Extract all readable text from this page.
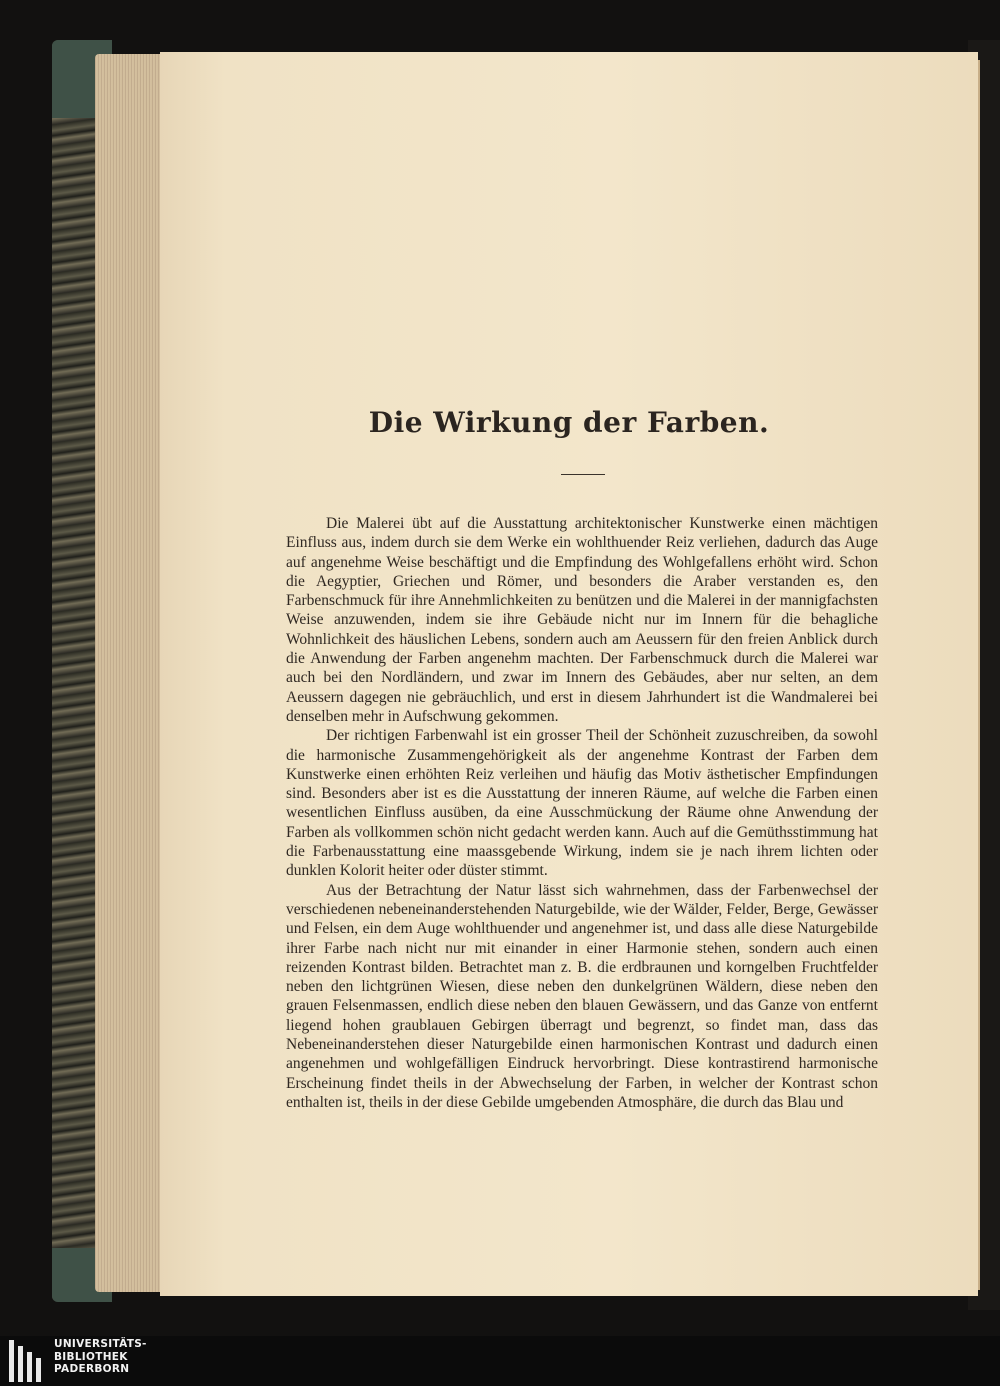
Die Wirkung der Farben.

Die Malerei übt auf die Ausstattung architektonischer Kunstwerke einen mächtigen Einfluss aus, indem durch sie dem Werke ein wohlthuender Reiz verliehen, dadurch das Auge auf angenehme Weise beschäftigt und die Empfindung des Wohlgefallens erhöht wird. Schon die Aegyptier, Griechen und Römer, und besonders die Araber verstanden es, den Farbenschmuck für ihre Annehmlichkeiten zu benützen und die Malerei in der mannigfachsten Weise anzuwenden, indem sie ihre Gebäude nicht nur im Innern für die behagliche Wohnlichkeit des häuslichen Lebens, sondern auch am Aeussern für den freien Anblick durch die Anwendung der Farben angenehm machten. Der Farbenschmuck durch die Malerei war auch bei den Nordländern, und zwar im Innern des Gebäudes, aber nur selten, an dem Aeussern dagegen nie gebräuchlich, und erst in diesem Jahrhundert ist die Wandmalerei bei denselben mehr in Aufschwung gekommen.

Der richtigen Farbenwahl ist ein grosser Theil der Schönheit zuzuschreiben, da sowohl die harmonische Zusammengehörigkeit als der angenehme Kontrast der Farben dem Kunstwerke einen erhöhten Reiz verleihen und häufig das Motiv ästhetischer Empfindungen sind. Besonders aber ist es die Ausstattung der inneren Räume, auf welche die Farben einen wesentlichen Einfluss ausüben, da eine Ausschmückung der Räume ohne Anwendung der Farben als vollkommen schön nicht gedacht werden kann. Auch auf die Gemüthsstimmung hat die Farbenausstattung eine maassgebende Wirkung, indem sie je nach ihrem lichten oder dunklen Kolorit heiter oder düster stimmt.

Aus der Betrachtung der Natur lässt sich wahrnehmen, dass der Farbenwechsel der verschiedenen nebeneinanderstehenden Naturgebilde, wie der Wälder, Felder, Berge, Gewässer und Felsen, ein dem Auge wohlthuender und angenehmer ist, und dass alle diese Naturgebilde ihrer Farbe nach nicht nur mit einander in einer Harmonie stehen, sondern auch einen reizenden Kontrast bilden. Betrachtet man z. B. die erdbraunen und korngelben Fruchtfelder neben den lichtgrünen Wiesen, diese neben den dunkelgrünen Wäldern, diese neben den grauen Felsenmassen, endlich diese neben den blauen Gewässern, und das Ganze von entfernt liegend hohen graublauen Gebirgen überragt und begrenzt, so findet man, dass das Nebeneinanderstehen dieser Naturgebilde einen harmonischen Kontrast und dadurch einen angenehmen und wohlgefälligen Eindruck hervorbringt. Diese kontrastirend harmonische Erscheinung findet theils in der Abwechselung der Farben, in welcher der Kontrast schon enthalten ist, theils in der diese Gebilde umgebenden Atmosphäre, die durch das Blau und

UNIVERSITÄTS-
BIBLIOTHEK
PADERBORN
